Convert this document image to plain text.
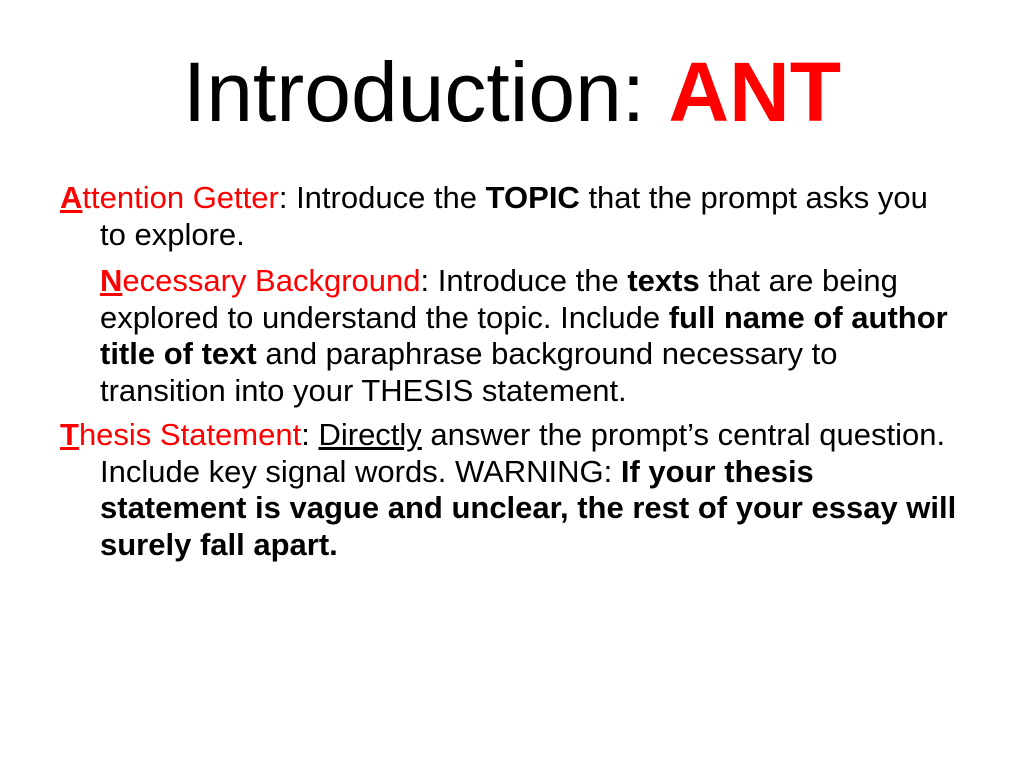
Introduction: ANT

Attention Getter: Introduce the TOPIC that the prompt asks you to explore.

Necessary Background: Introduce the texts that are being explored to understand the topic. Include full name of author title of text and paraphrase background necessary to transition into your THESIS statement.

Thesis Statement: Directly answer the prompt’s central question. Include key signal words. WARNING: If your thesis statement is vague and unclear, the rest of your essay will surely fall apart.
